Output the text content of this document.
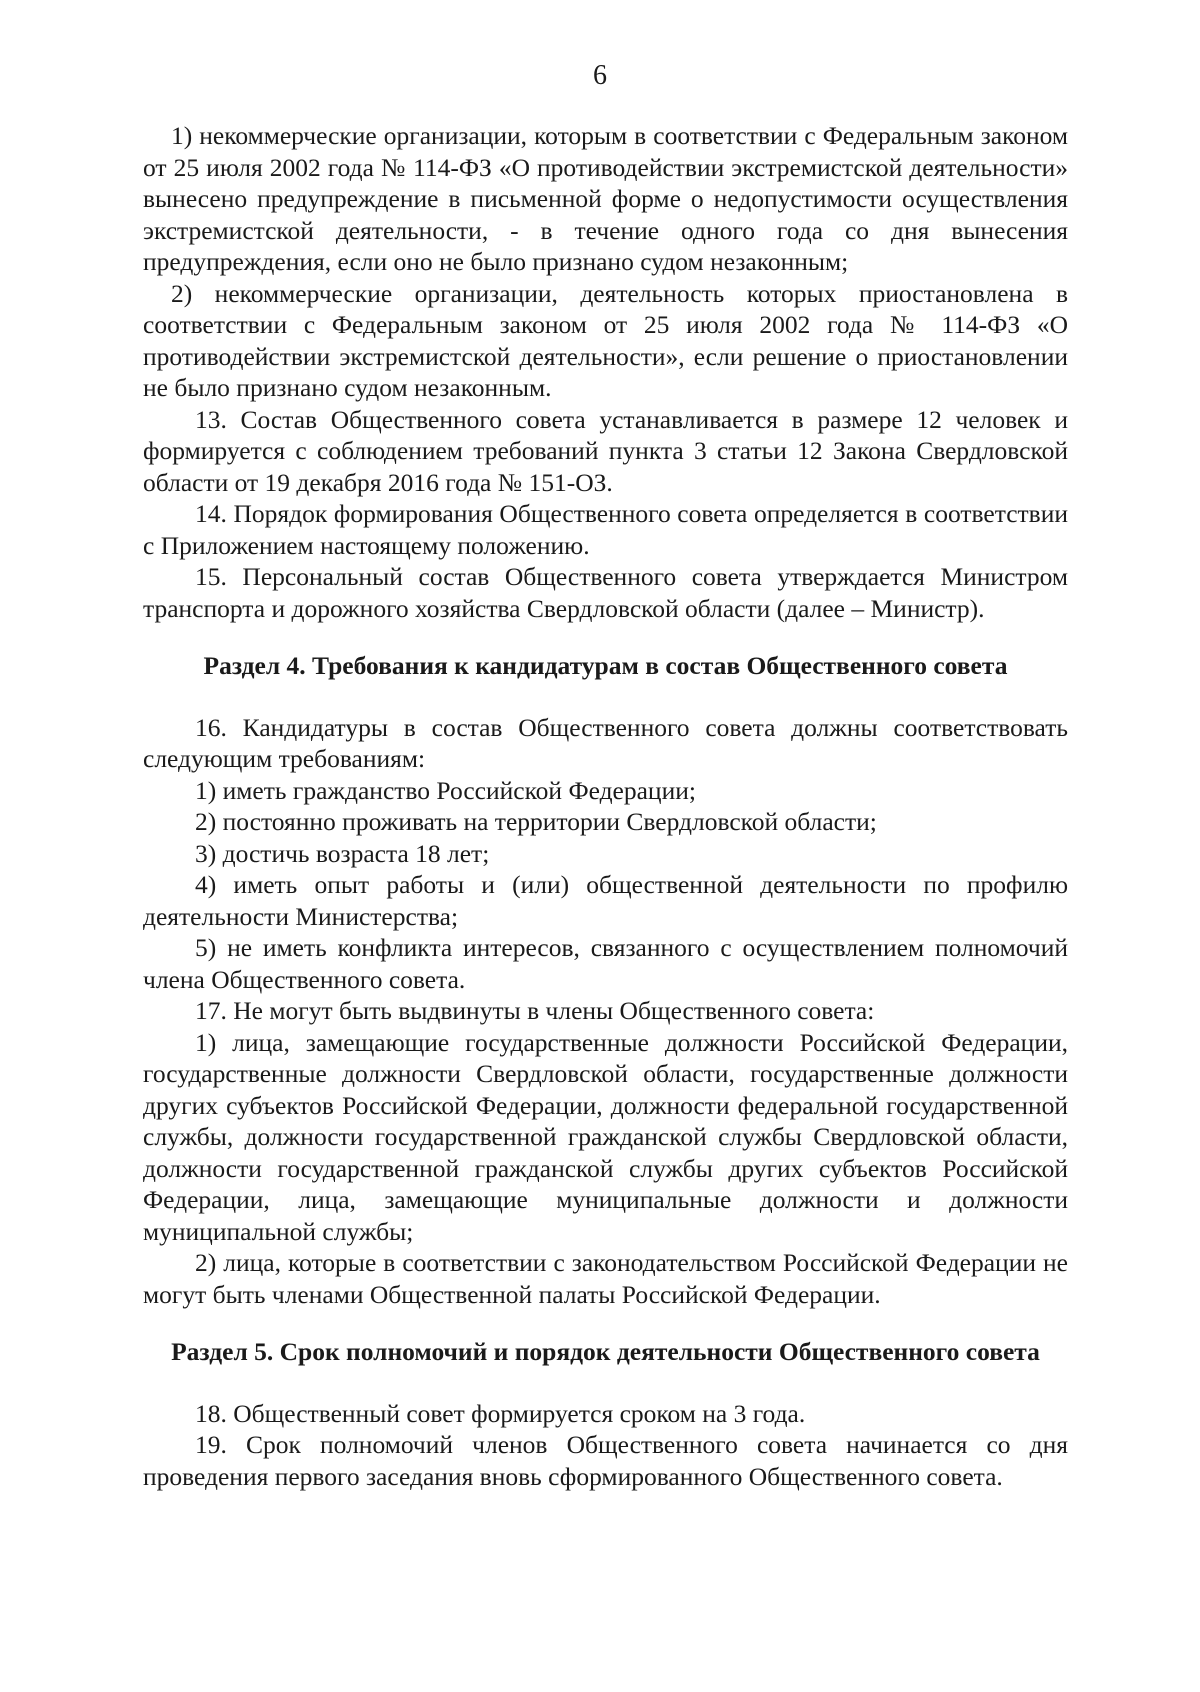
6

1) некоммерческие организации, которым в соответствии с Федеральным законом от 25 июля 2002 года № 114-ФЗ «О противодействии экстремистской деятельности» вынесено предупреждение в письменной форме о недопустимости осуществления экстремистской деятельности, - в течение одного года со дня вынесения предупреждения, если оно не было признано судом незаконным;

2) некоммерческие организации, деятельность которых приостановлена в соответствии с Федеральным законом от 25 июля 2002 года № 114-ФЗ «О противодействии экстремистской деятельности», если решение о приостановлении не было признано судом незаконным.

13. Состав Общественного совета устанавливается в размере 12 человек и формируется с соблюдением требований пункта 3 статьи 12 Закона Свердловской области от 19 декабря 2016 года № 151-ОЗ.

14. Порядок формирования Общественного совета определяется в соответствии с Приложением настоящему положению.

15. Персональный состав Общественного совета утверждается Министром транспорта и дорожного хозяйства Свердловской области (далее – Министр).

Раздел 4. Требования к кандидатурам в состав Общественного совета

16. Кандидатуры в состав Общественного совета должны соответствовать следующим требованиям:

1) иметь гражданство Российской Федерации;

2) постоянно проживать на территории Свердловской области;

3) достичь возраста 18 лет;

4) иметь опыт работы и (или) общественной деятельности по профилю деятельности Министерства;

5) не иметь конфликта интересов, связанного с осуществлением полномочий члена Общественного совета.

17. Не могут быть выдвинуты в члены Общественного совета:

1) лица, замещающие государственные должности Российской Федерации, государственные должности Свердловской области, государственные должности других субъектов Российской Федерации, должности федеральной государственной службы, должности государственной гражданской службы Свердловской области, должности государственной гражданской службы других субъектов Российской Федерации, лица, замещающие муниципальные должности и должности муниципальной службы;

2) лица, которые в соответствии с законодательством Российской Федерации не могут быть членами Общественной палаты Российской Федерации.

Раздел 5. Срок полномочий и порядок деятельности Общественного совета

18. Общественный совет формируется сроком на 3 года.

19. Срок полномочий членов Общественного совета начинается со дня проведения первого заседания вновь сформированного Общественного совета.
